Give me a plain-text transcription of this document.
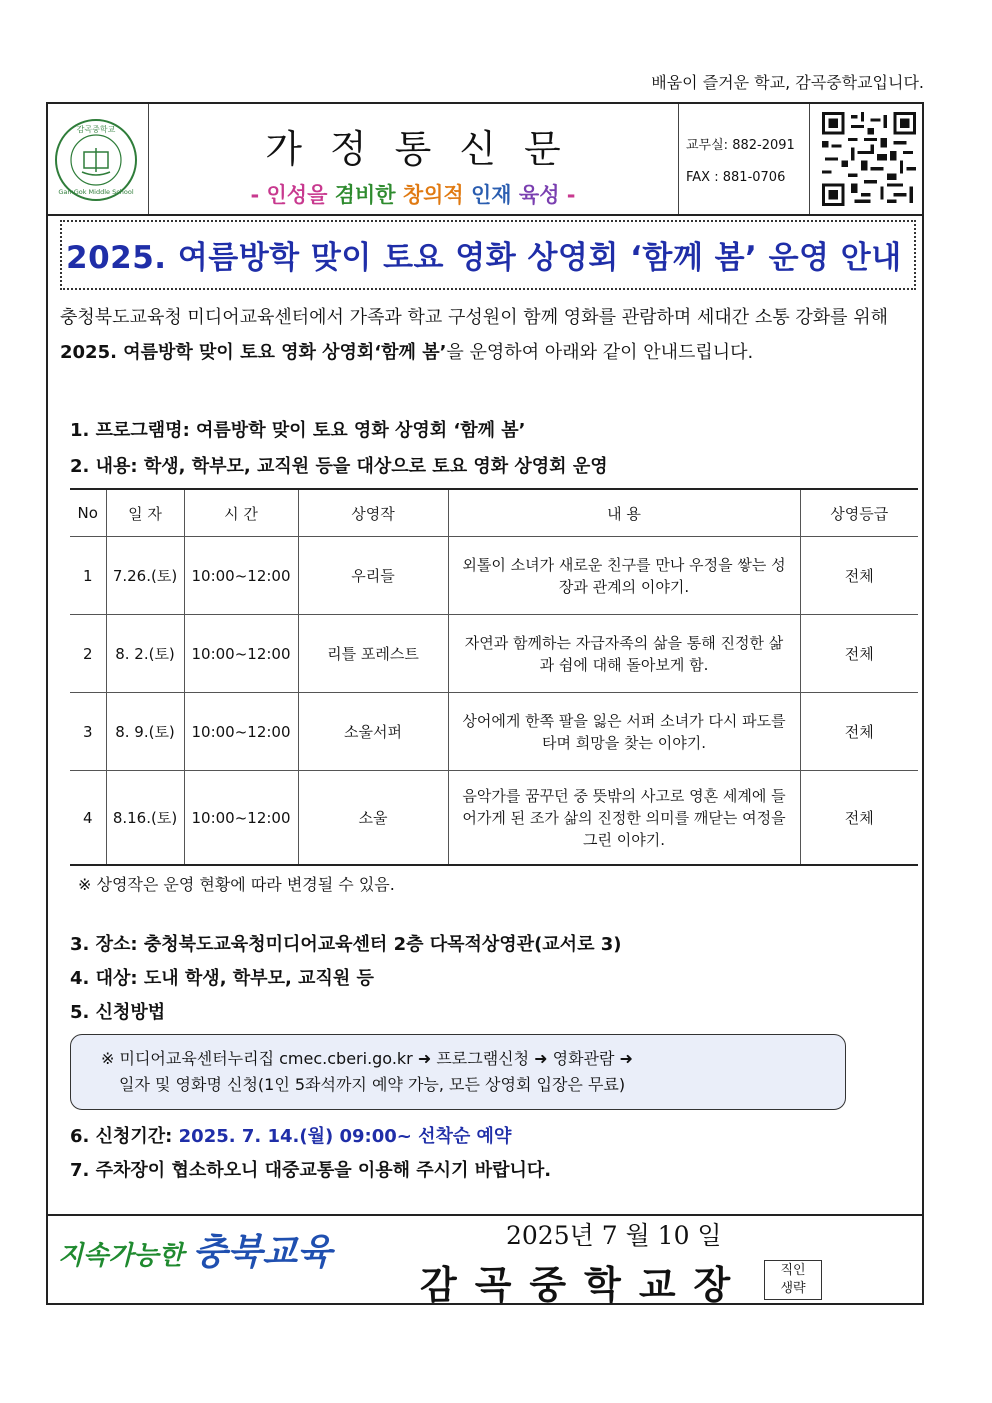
배움이 즐거운 학교, 감곡중학교입니다.
감곡중학교
GamGok Middle School
가정통신문
- 인성을 겸비한 창의적 인재 육성 -
교무실: 882-2091
FAX : 881-0706
2025. 여름방학 맞이 토요 영화 상영회 ‘함께 봄’ 운영 안내
충청북도교육청 미디어교육센터에서 가족과 학교 구성원이 함께 영화를 관람하며 세대간 소통 강화를 위해 2025. 여름방학 맞이 토요 영화 상영회‘함께 봄’을 운영하여 아래와 같이 안내드립니다.
1. 프로그램명: 여름방학 맞이 토요 영화 상영회 ‘함께 봄’
2. 내용: 학생, 학부모, 교직원 등을 대상으로 토요 영화 상영회 운영
No	일 자	시 간	상영작	내 용	상영등급
1	7.26.(토)	10:00~12:00	우리들	외톨이 소녀가 새로운 친구를 만나 우정을 쌓는 성장과 관계의 이야기.	전체
2	8. 2.(토)	10:00~12:00	리틀 포레스트	자연과 함께하는 자급자족의 삶을 통해 진정한 삶과 쉼에 대해 돌아보게 함.	전체
3	8. 9.(토)	10:00~12:00	소울서퍼	상어에게 한쪽 팔을 잃은 서퍼 소녀가 다시 파도를 타며 희망을 찾는 이야기.	전체
4	8.16.(토)	10:00~12:00	소울	음악가를 꿈꾸던 중 뜻밖의 사고로 영혼 세계에 들어가게 된 조가 삶의 진정한 의미를 깨닫는 여정을 그린 이야기.	전체
※ 상영작은 운영 현황에 따라 변경될 수 있음.
3. 장소: 충청북도교육청미디어교육센터 2층 다목적상영관(교서로 3)
4. 대상: 도내 학생, 학부모, 교직원 등
5. 신청방법
※ 미디어교육센터누리집 cmec.cberi.go.kr ➜ 프로그램신청 ➜ 영화관람 ➜
일자 및 영화명 신청(1인 5좌석까지 예약 가능, 모든 상영회 입장은 무료)
6. 신청기간: 2025. 7. 14.(월) 09:00~ 선착순 예약
7. 주차장이 협소하오니 대중교통을 이용해 주시기 바랍니다.
지속가능한 충북교육	2025년 7 월 10 일
감곡중학교장	직인
생략
